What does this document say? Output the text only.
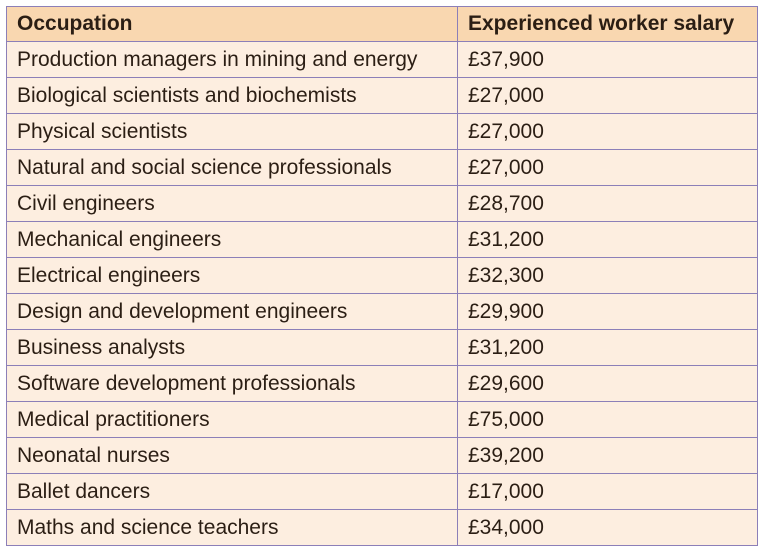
Occupation	Experienced worker salary
Production managers in mining and energy	£37,900
Biological scientists and biochemists	£27,000
Physical scientists	£27,000
Natural and social science professionals	£27,000
Civil engineers	£28,700
Mechanical engineers	£31,200
Electrical engineers	£32,300
Design and development engineers	£29,900
Business analysts	£31,200
Software development professionals	£29,600
Medical practitioners	£75,000
Neonatal nurses	£39,200
Ballet dancers	£17,000
Maths and science teachers	£34,000
